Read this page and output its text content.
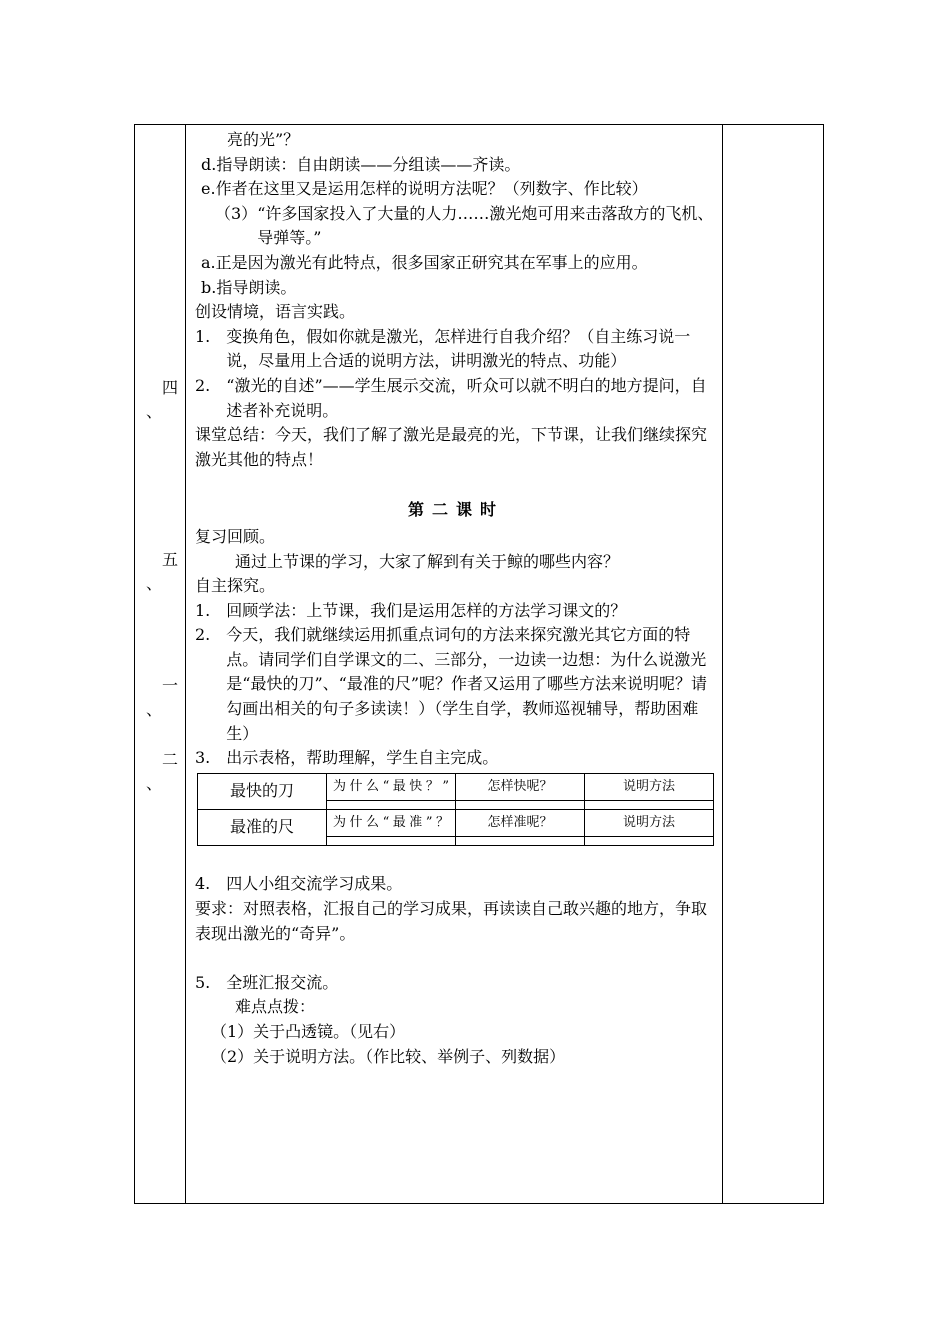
四
、
五
、
一
、
二
、
亮的光”？
d.指导朗读：自由朗读——分组读——齐读。
e. 作者在这里又是运用怎样的说明方法呢？（列数字、作比较）
（3） “许多国家投入了大量的人力……激光炮可用来击落敌方的飞机、导弹等。”
a. 正是因为激光有此特点，很多国家正研究其在军事上的应用。
b.指导朗读。
创设情境，语言实践。
1.　 变换角色，假如你就是激光，怎样进行自我介绍？（自主练习说一说，尽量用上合适的说明方法，讲明激光的特点、功能）
2.　 “激光的自述”——学生展示交流，听众可以就不明白的地方提问，自述者补充说明。
课堂总结：今天，我们了解了激光是最亮的光，下节课，让我们继续探究激光其他的特点！
第二课时
复习回顾。
通过上节课的学习，大家了解到有关于鲸的哪些内容？
自主探究。
1.　 回顾学法：上节课，我们是运用怎样的方法学习课文的？
2.　 今天，我们就继续运用抓重点词句的方法来探究激光其它方面的特点。请同学们自学课文的二、三部分，一边读一边想：为什么说激光是“最快的刀”、“最准的尺”呢？作者又运用了哪些方法来说明呢？请勾画出相关的句子多读读！）（学生自学，教师巡视辅导，帮助困难生）
3.　 出示表格，帮助理解，学生自主完成。
最快的刀	为什么“最快？”	怎样快呢？	说明方法

最准的尺	为什么“最准”？	怎样准呢？	说明方法

4.　 四人小组交流学习成果。
要求：对照表格，汇报自己的学习成果，再读读自己敢兴趣的地方，争取表现出激光的“奇异”。
5.　 全班汇报交流。
难点点拨：
（1）关于凸透镜。（见右）
（2）关于说明方法。（作比较、举例子、列数据）
